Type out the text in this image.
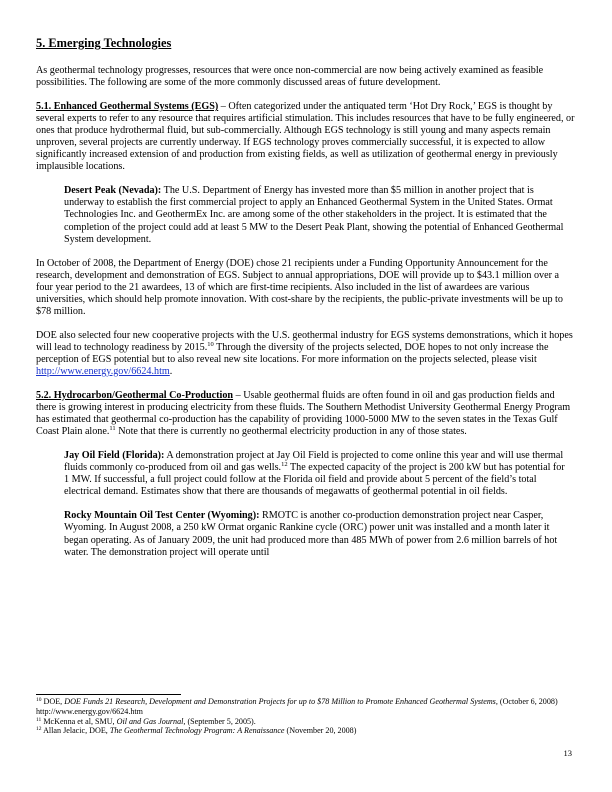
5. Emerging Technologies

As geothermal technology progresses, resources that were once non-commercial are now being actively examined as feasible possibilities. The following are some of the more commonly discussed areas of future development.

5.1. Enhanced Geothermal Systems (EGS) – Often categorized under the antiquated term ‘Hot Dry Rock,’ EGS is thought by several experts to refer to any resource that requires artificial stimulation. This includes resources that have to be fully engineered, or ones that produce hydrothermal fluid, but sub-commercially. Although EGS technology is still young and many aspects remain unproven, several projects are currently underway. If EGS technology proves commercially successful, it is expected to allow significantly increased extension of and production from existing fields, as well as utilization of geothermal energy in previously implausible locations.

Desert Peak (Nevada): The U.S. Department of Energy has invested more than $5 million in another project that is underway to establish the first commercial project to apply an Enhanced Geothermal System in the United States. Ormat Technologies Inc. and GeothermEx Inc. are among some of the other stakeholders in the project. It is estimated that the completion of the project could add at least 5 MW to the Desert Peak Plant, showing the potential of Enhanced Geothermal System development.

In October of 2008, the Department of Energy (DOE) chose 21 recipients under a Funding Opportunity Announcement for the research, development and demonstration of EGS. Subject to annual appropriations, DOE will provide up to $43.1 million over a four year period to the 21 awardees, 13 of which are first-time recipients. Also included in the list of awardees are various universities, which should help promote innovation. With cost-share by the recipients, the public-private investments will be up to $78 million.

DOE also selected four new cooperative projects with the U.S. geothermal industry for EGS systems demonstrations, which it hopes will lead to technology readiness by 2015.10 Through the diversity of the projects selected, DOE hopes to not only increase the perception of EGS potential but to also reveal new site locations. For more information on the projects selected, please visit http://www.energy.gov/6624.htm.

5.2. Hydrocarbon/Geothermal Co-Production – Usable geothermal fluids are often found in oil and gas production fields and there is growing interest in producing electricity from these fluids. The Southern Methodist University Geothermal Energy Program has estimated that geothermal co-production has the capability of providing 1000-5000 MW to the seven states in the Texas Gulf Coast Plain alone.$^{11}$ Note that there is currently no geothermal electricity production in any of those states.

Jay Oil Field (Florida): A demonstration project at Jay Oil Field is projected to come online this year and will use thermal fluids commonly co-produced from oil and gas wells.$^{12}$ The expected capacity of the project is 200 kW but has potential for 1 MW. If successful, a full project could follow at the Florida oil field and provide about 5 percent of the field’s total electrical demand. Estimates show that there are thousands of megawatts of geothermal potential in oil fields.

Rocky Mountain Oil Test Center (Wyoming): RMOTC is another co-production demonstration project near Casper, Wyoming. In August 2008, a 250 kW Ormat organic Rankine cycle (ORC) power unit was installed and a month later it began operating. As of January 2009, the unit had produced more than 485 MWh of power from 2.6 million barrels of hot water. The demonstration project will operate until

$^{10}$ DOE, DOE Funds 21 Research, Development and Demonstration Projects for up to $78 Million to Promote Enhanced Geothermal Systems, (October 6, 2008) http://www.energy.gov/6624.htm
$^{11}$ McKenna et al, SMU, Oil and Gas Journal, (September 5, 2005).
$^{12}$ Allan Jelacic, DOE, The Geothermal Technology Program: A Renaissance (November 20, 2008)
13
